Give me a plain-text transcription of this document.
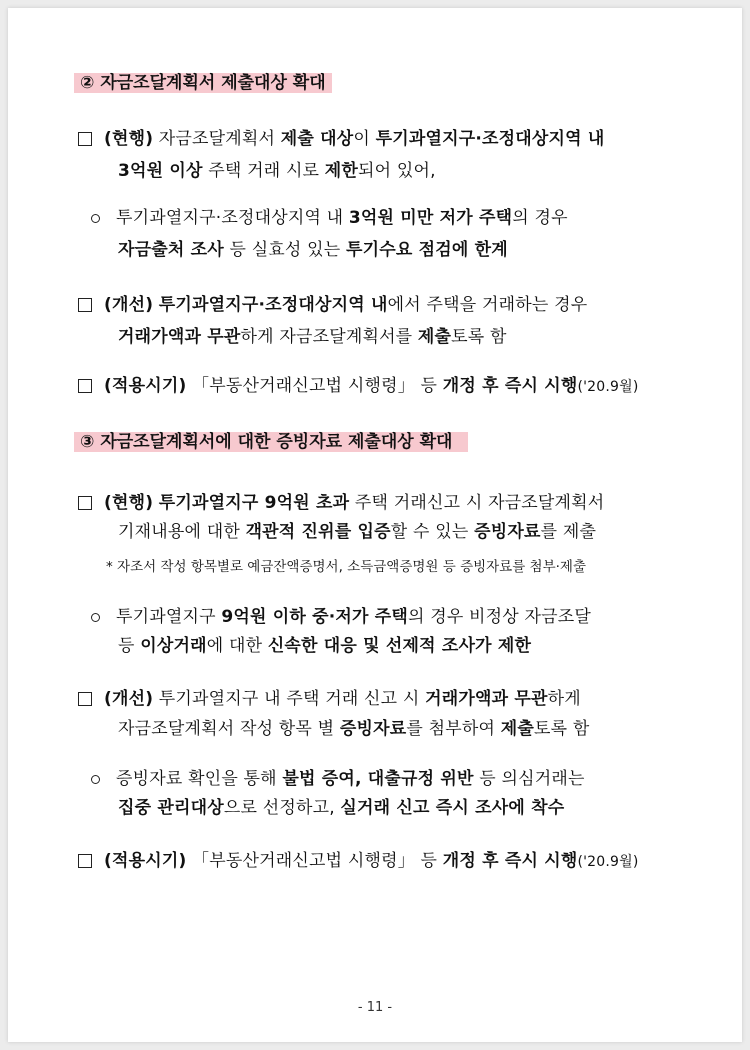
② 자금조달계획서 제출대상 확대
(현행) 자금조달계획서 제출 대상이 투기과열지구·조정대상지역 내
3억원 이상 주택 거래 시로 제한되어 있어,
투기과열지구·조정대상지역 내 3억원 미만 저가 주택의 경우
자금출처 조사 등 실효성 있는 투기수요 점검에 한계
(개선) 투기과열지구·조정대상지역 내에서 주택을 거래하는 경우
거래가액과 무관하게 자금조달계획서를 제출토록 함
(적용시기) 「부동산거래신고법 시행령」 등 개정 후 즉시 시행('20.9월)
③ 자금조달계획서에 대한 증빙자료 제출대상 확대
(현행) 투기과열지구 9억원 초과 주택 거래신고 시 자금조달계획서
기재내용에 대한 객관적 진위를 입증할 수 있는 증빙자료를 제출
* 자조서 작성 항목별로 예금잔액증명서, 소득금액증명원 등 증빙자료를 첨부·제출
투기과열지구 9억원 이하 중·저가 주택의 경우 비정상 자금조달
등 이상거래에 대한 신속한 대응 및 선제적 조사가 제한
(개선) 투기과열지구 내 주택 거래 신고 시 거래가액과 무관하게
자금조달계획서 작성 항목 별 증빙자료를 첨부하여 제출토록 함
증빙자료 확인을 통해 불법 증여, 대출규정 위반 등 의심거래는
집중 관리대상으로 선정하고, 실거래 신고 즉시 조사에 착수
(적용시기) 「부동산거래신고법 시행령」 등 개정 후 즉시 시행('20.9월)
- 11 -
